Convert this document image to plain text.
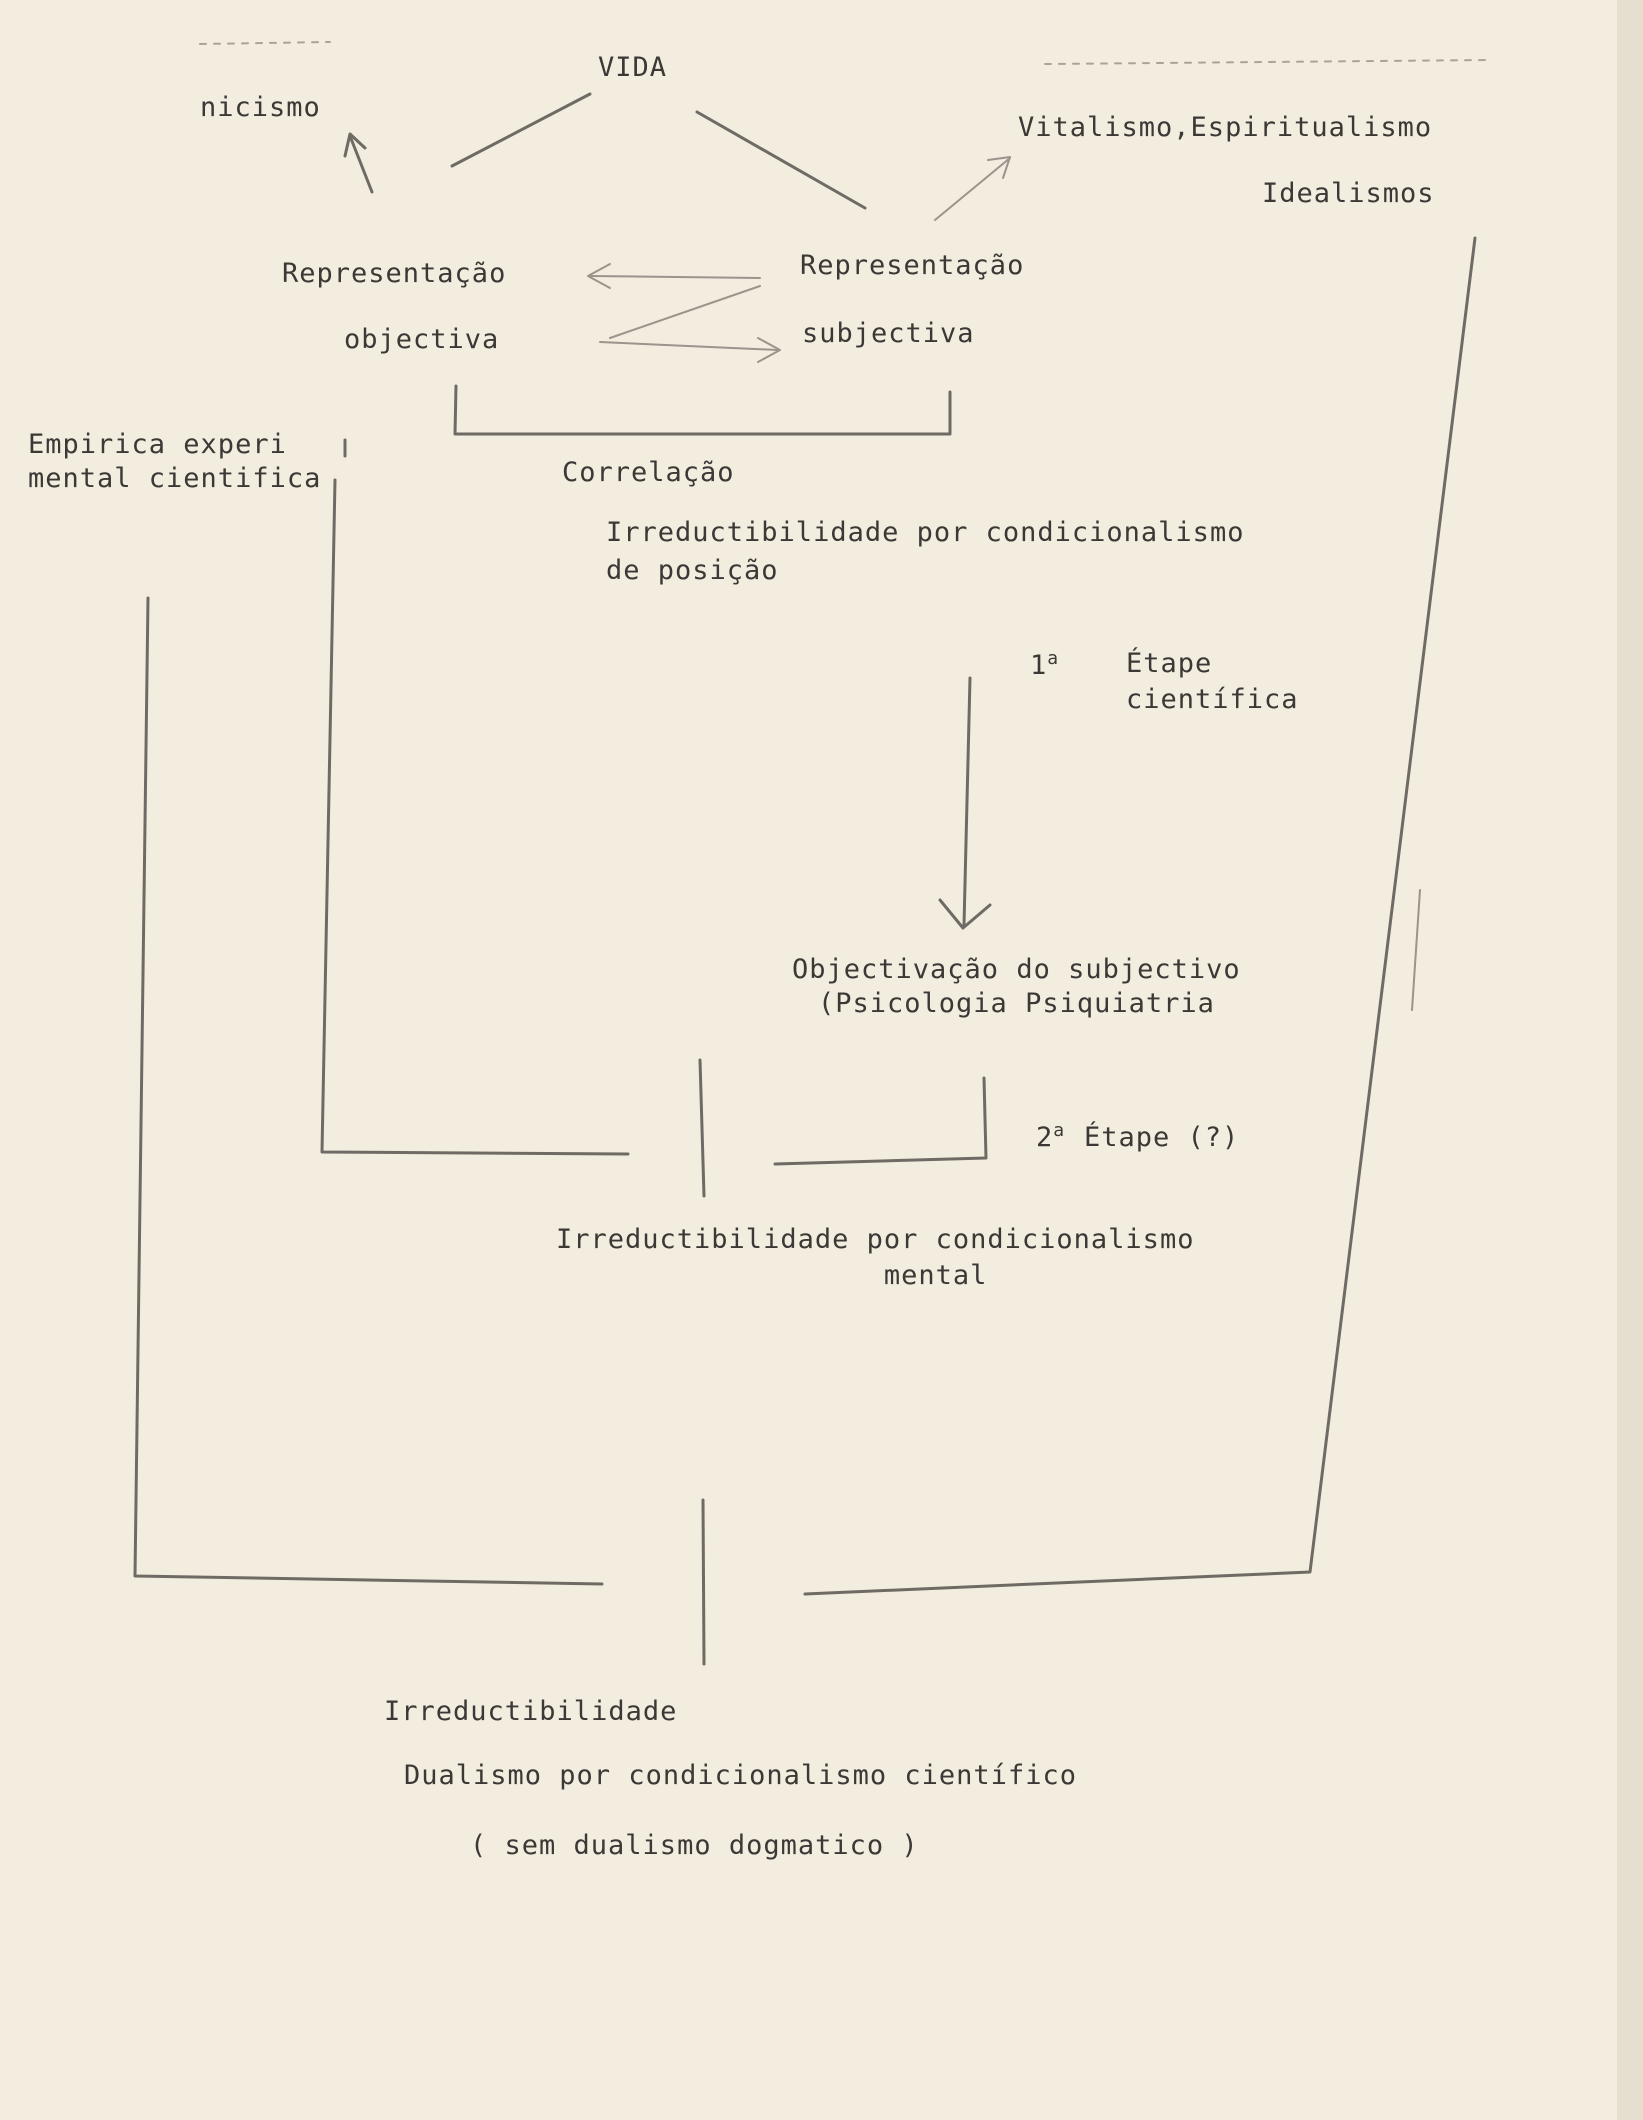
VIDA
nicismo
Vitalismo,Espiritualismo
Idealismos
Representação
objectiva
Representação
subjectiva
Empirica experi
mental cientifica	Correlação
Irreductibilidade por condicionalismo
de posição
1$^a$ Étape
científica
Objectivação do subjectivo
(Psicologia Psiquiatria
2$^a$ Étape (?)
Irreductibilidade por condicionalismo
mental
Irreductibilidade
Dualismo por condicionalismo científico
( sem dualismo dogmatico )
